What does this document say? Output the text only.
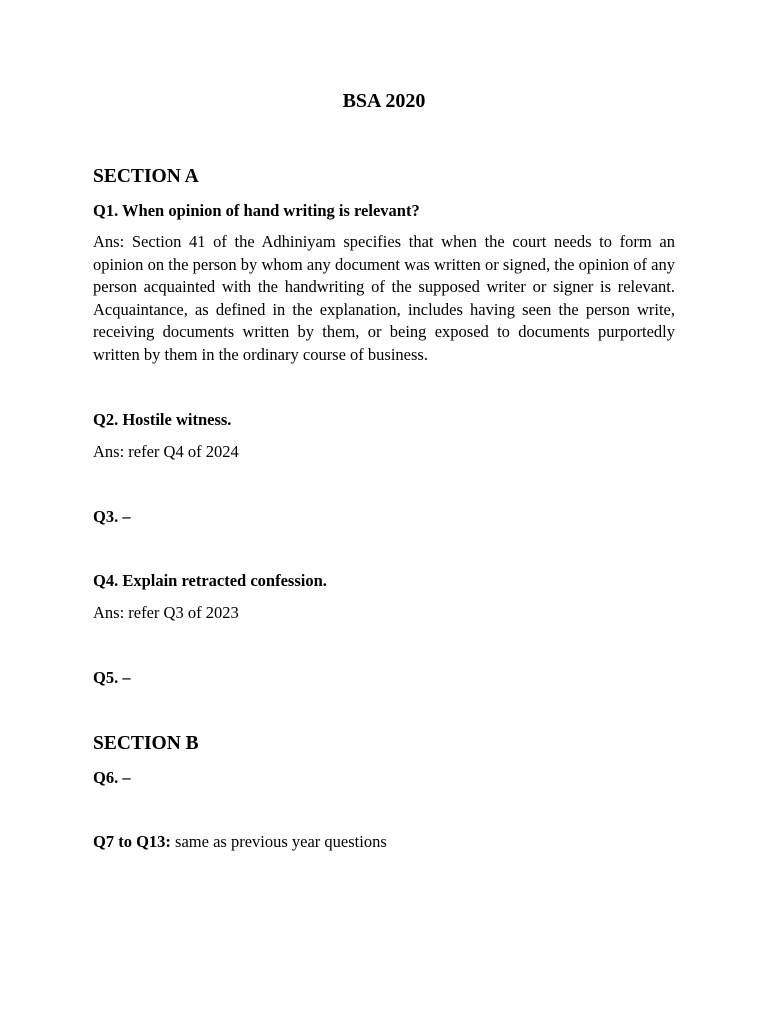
BSA 2020
SECTION A
Q1. When opinion of hand writing is relevant?
Ans: Section 41 of the Adhiniyam specifies that when the court needs to form an opinion on the person by whom any document was written or signed, the opinion of any person acquainted with the handwriting of the supposed writer or signer is relevant. Acquaintance, as defined in the explanation, includes having seen the person write, receiving documents written by them, or being exposed to documents purportedly written by them in the ordinary course of business.
Q2. Hostile witness.
Ans: refer Q4 of 2024
Q3. –
Q4. Explain retracted confession.
Ans: refer Q3 of 2023
Q5. –
SECTION B
Q6. –
Q7 to Q13: same as previous year questions
